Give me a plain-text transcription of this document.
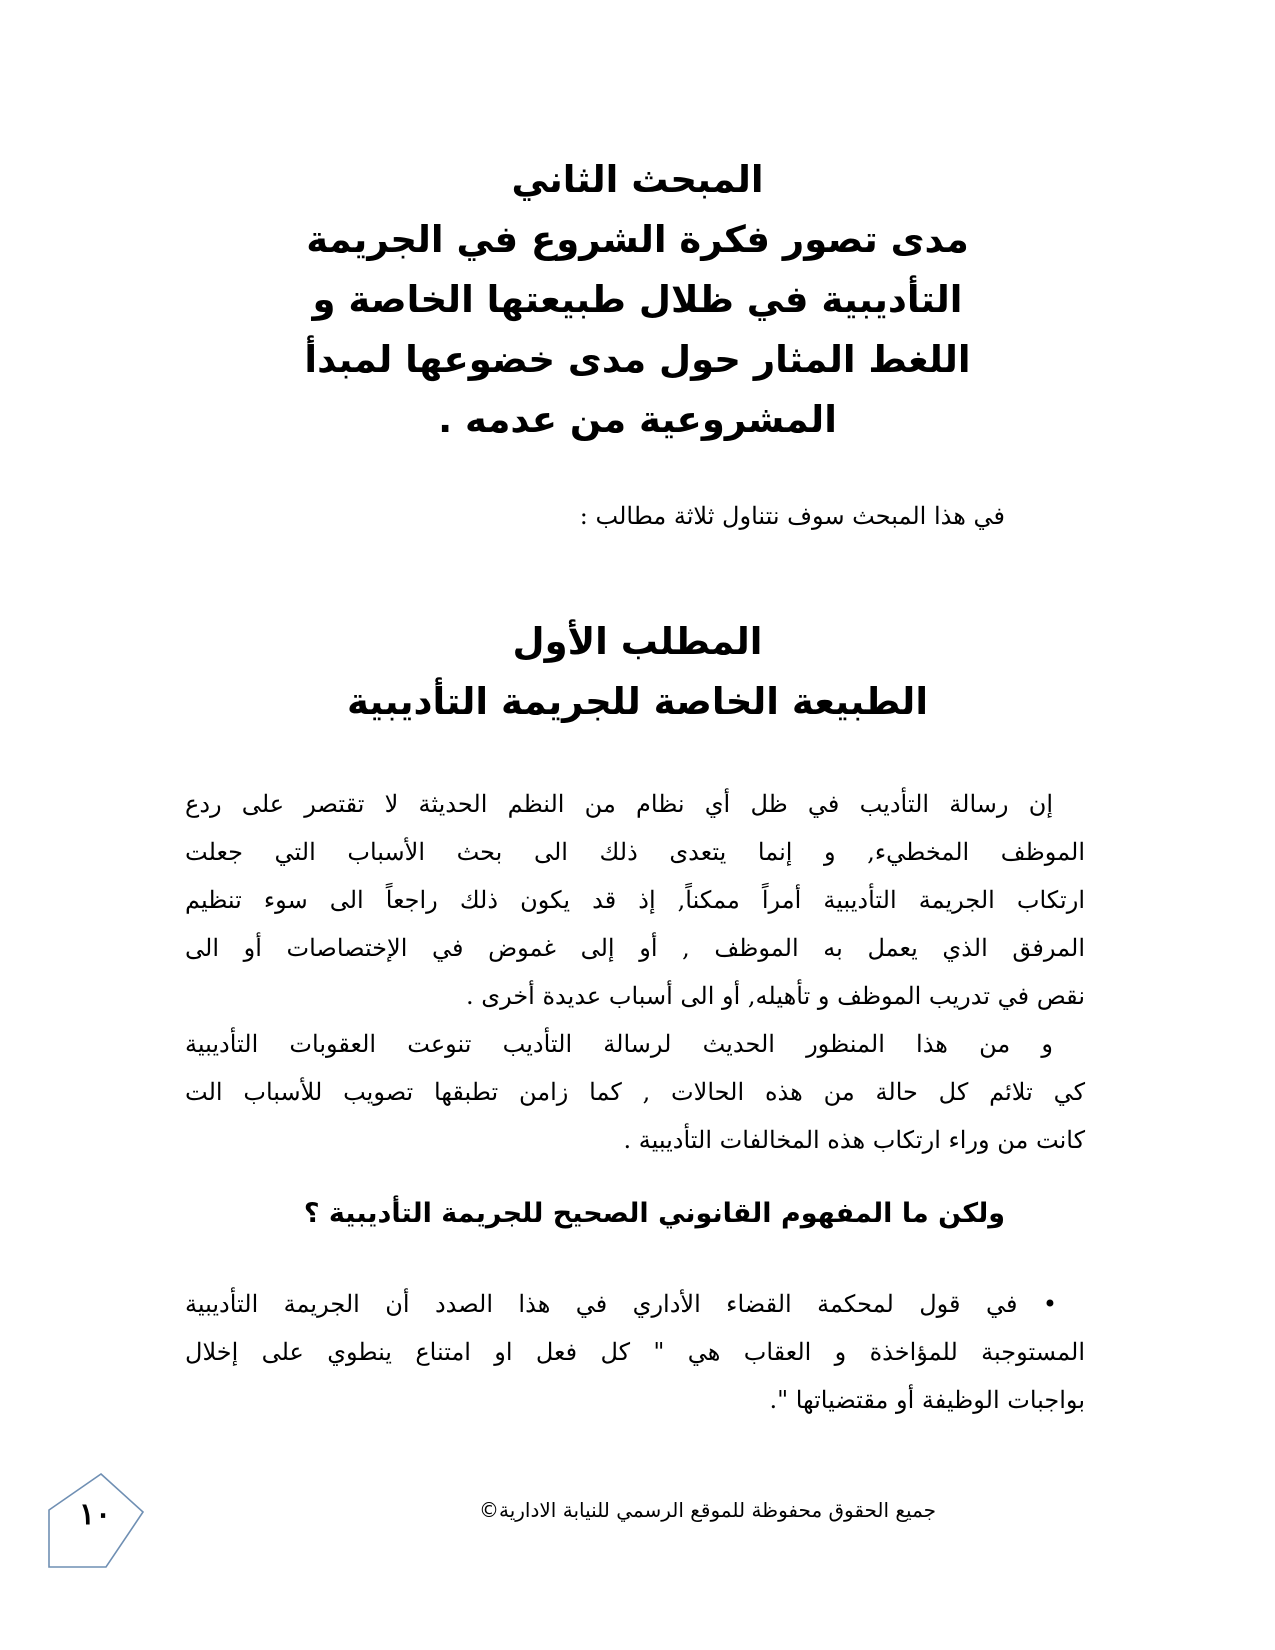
المبحث الثاني
مدى تصور فكرة الشروع في الجريمة
التأديبية في ظلال طبيعتها الخاصة و
اللغط المثار حول مدى خضوعها لمبدأ
المشروعية من عدمه .
في هذا المبحث سوف نتناول ثلاثة مطالب :
المطلب الأول
الطبيعة الخاصة للجريمة التأديبية
إن رسالة التأديب في ظل أي نظام من النظم الحديثة لا تقتصر على ردع
الموظف المخطيء, و إنما يتعدى ذلك الى بحث الأسباب التي جعلت
ارتكاب الجريمة التأديبية أمراً ممكناً, إذ قد يكون ذلك راجعاً الى سوء تنظيم
المرفق الذي يعمل به الموظف , أو إلى غموض في الإختصاصات أو الى
نقص في تدريب الموظف و تأهيله, أو الى أسباب عديدة أخرى .
و من هذا المنظور الحديث لرسالة التأديب تنوعت العقوبات التأديبية
كي تلائم كل حالة من هذه الحالات , كما زامن تطبقها تصويب للأسباب الت
كانت من وراء ارتكاب هذه المخالفات التأديبية .
ولكن ما المفهوم القانوني الصحيح للجريمة التأديبية ؟
• في قول لمحكمة القضاء الأداري في هذا الصدد أن الجريمة التأديبية
المستوجبة للمؤاخذة و العقاب هي " كل فعل او امتناع ينطوي على إخلال
بواجبات الوظيفة أو مقتضياتها ".
١٠	جميع الحقوق محفوظة للموقع الرسمي للنيابة الادارية©
